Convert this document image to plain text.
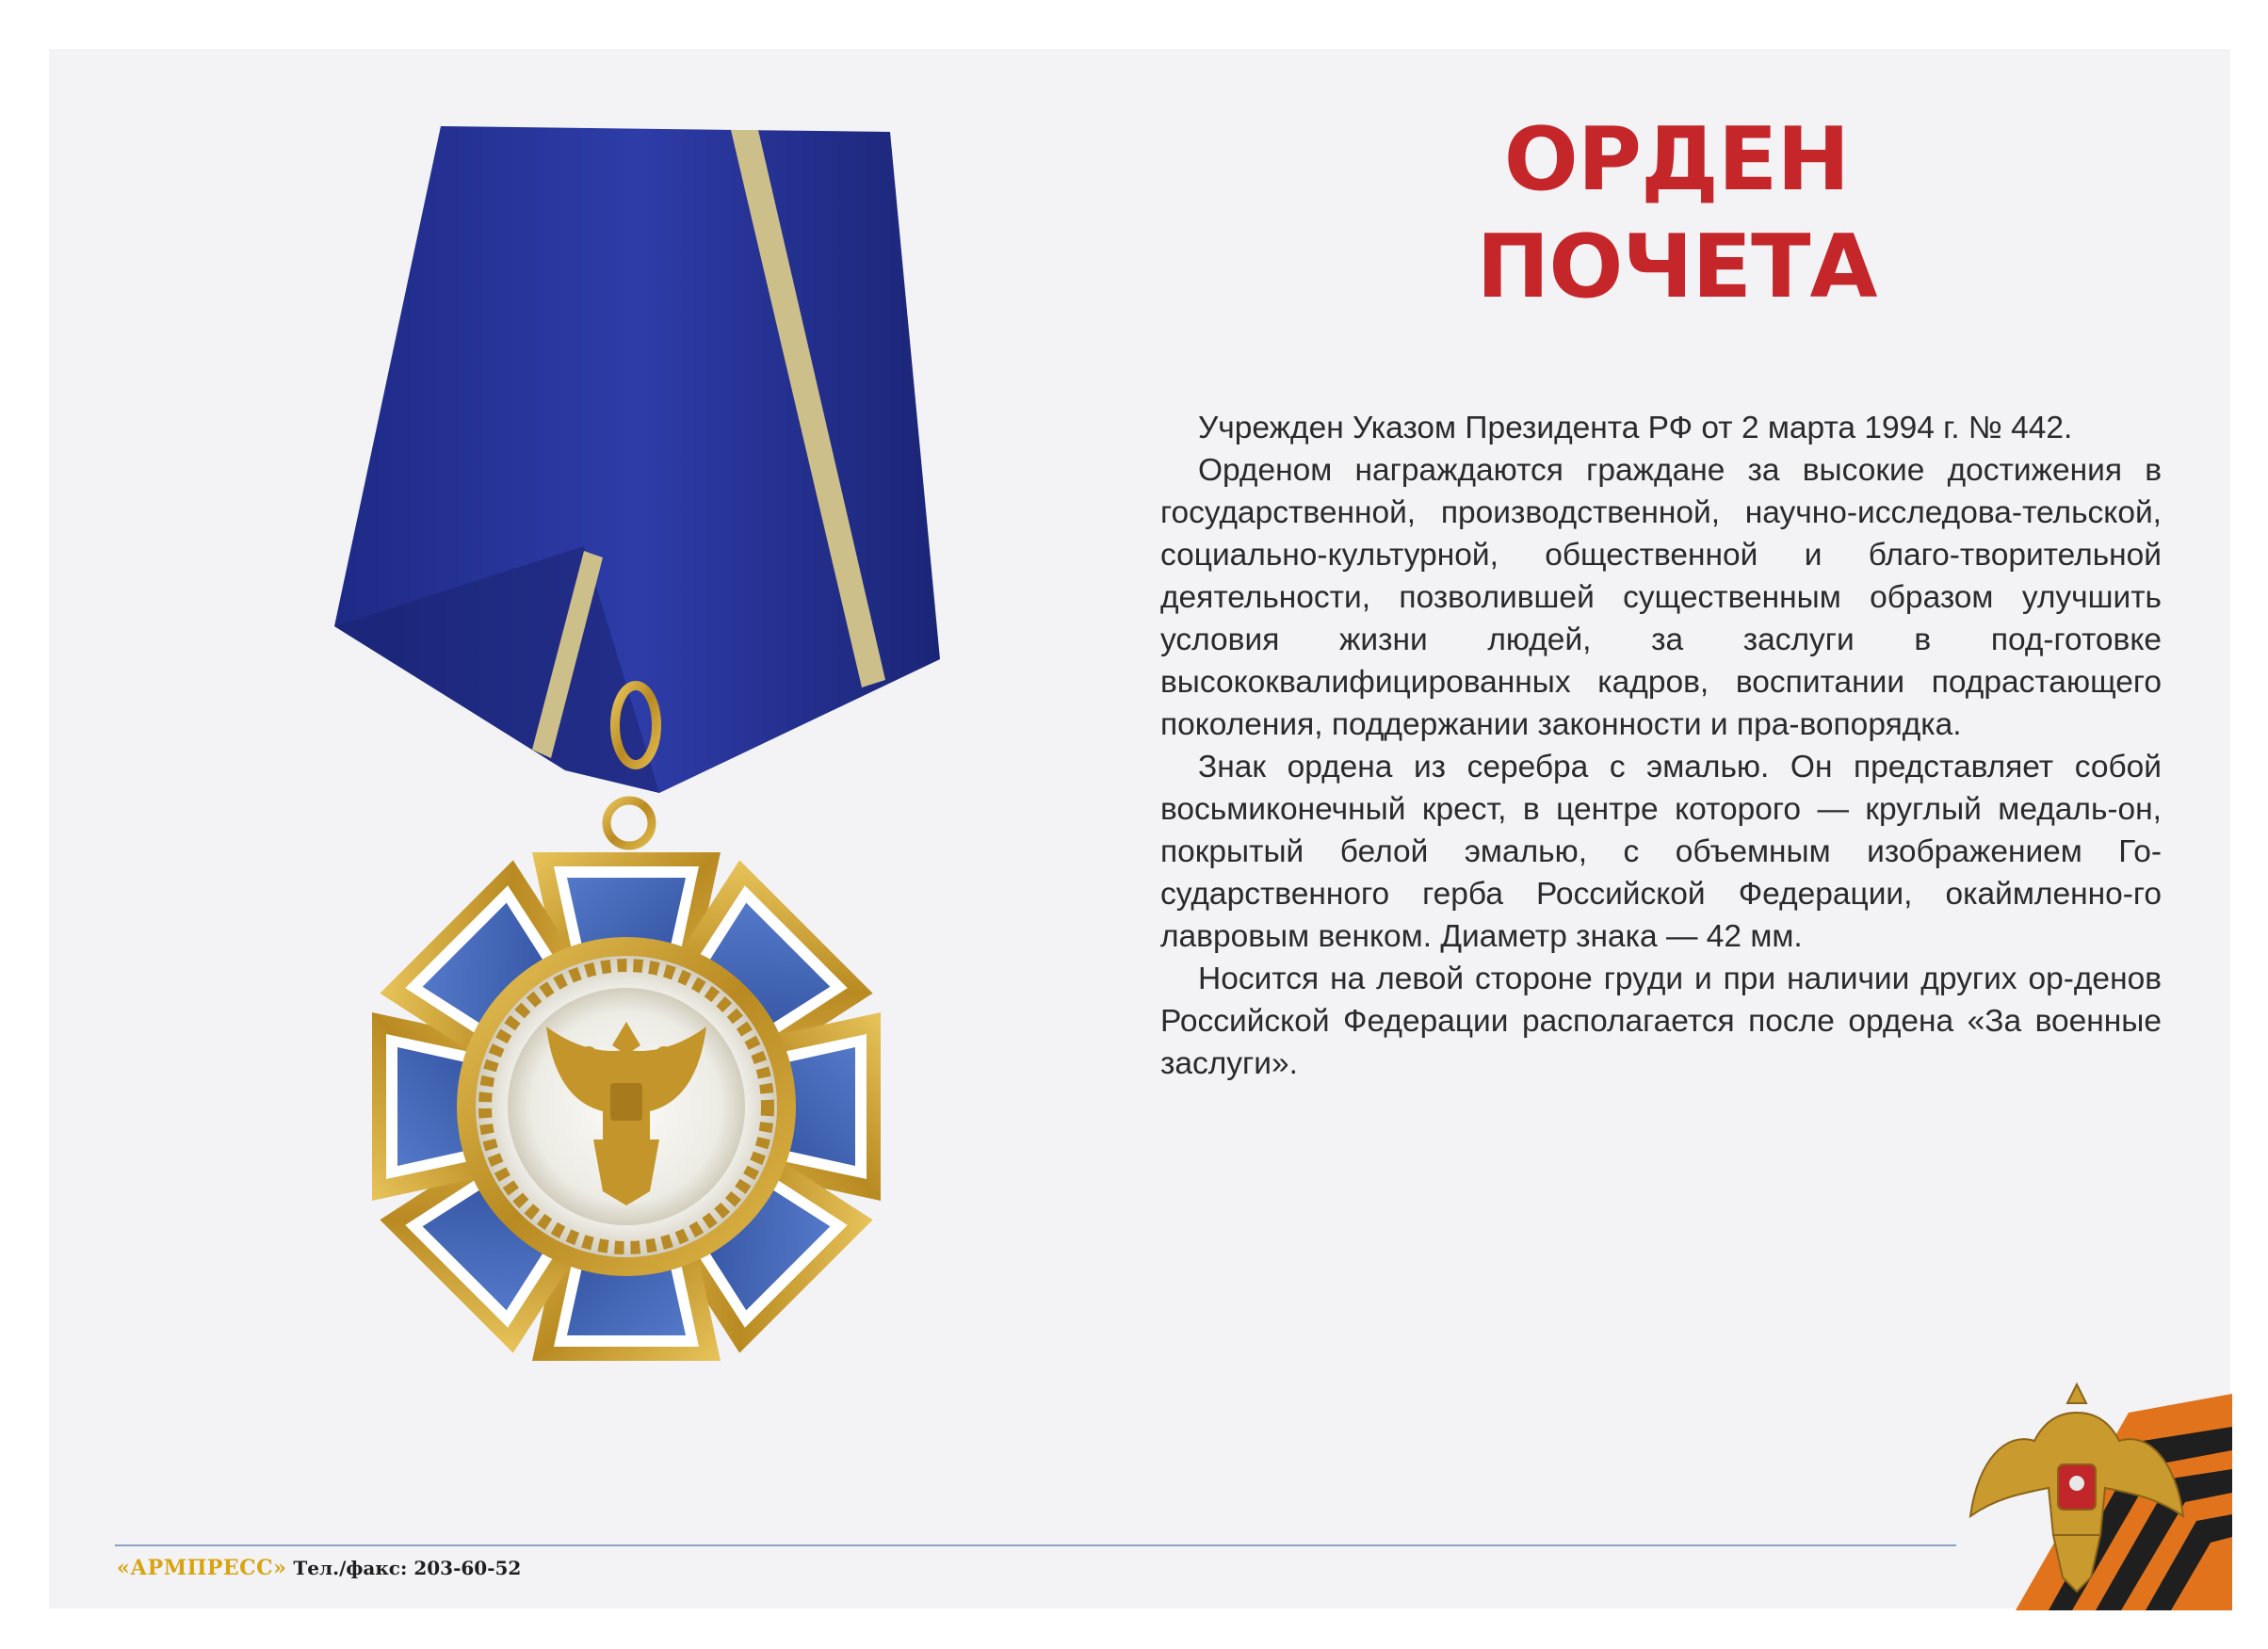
ОРДЕН
ПОЧЕТА

Учрежден Указом Президента РФ от 2 марта 1994 г. № 442.

Орденом награждаются граждане за высокие достижения в государственной, производственной, научно-исследова-тельской, социально-культурной, общественной и благо-творительной деятельности, позволившей существенным образом улучшить условия жизни людей, за заслуги в под-готовке высококвалифицированных кадров, воспитании подрастающего поколения, поддержании законности и пра-вопорядка.

Знак ордена из серебра с эмалью. Он представляет собой восьмиконечный крест, в центре которого — круглый медаль-он, покрытый белой эмалью, с объемным изображением Го-сударственного герба Российской Федерации, окаймленно-го лавровым венком. Диаметр знака — 42 мм.

Носится на левой стороне груди и при наличии других ор-денов Российской Федерации располагается после ордена «За военные заслуги».

«АРМПРЕСС» Тел./факс: 203-60-52
